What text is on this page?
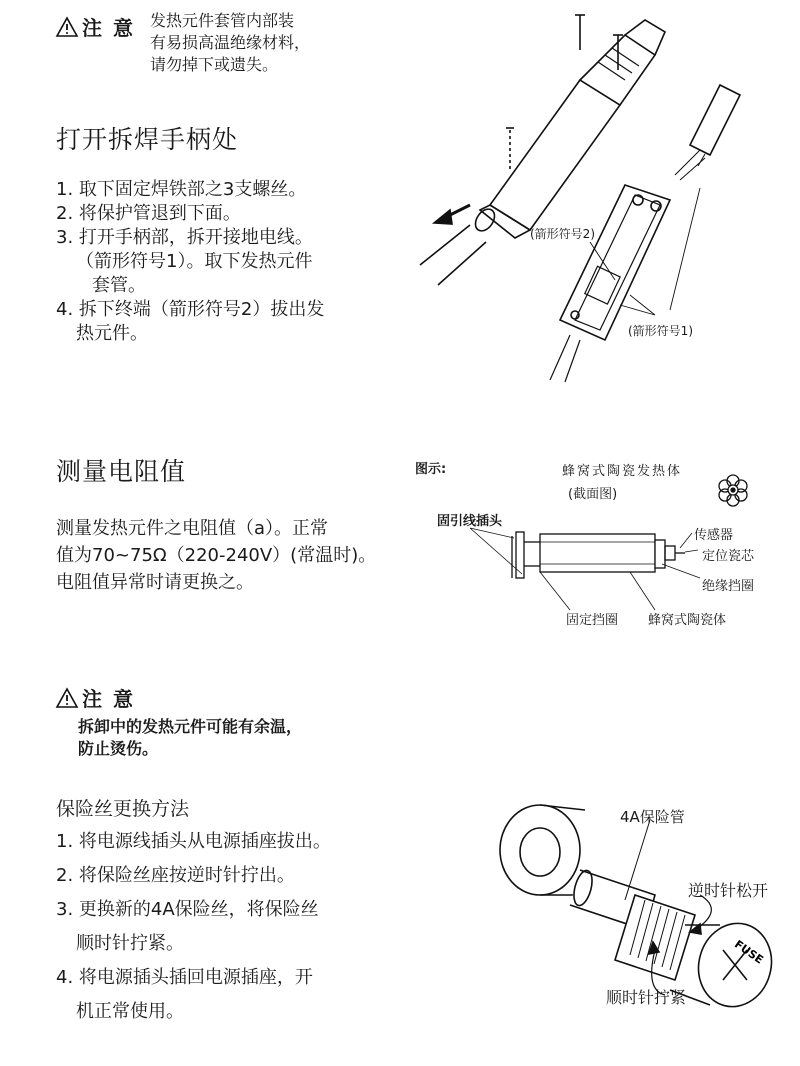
注 意 发热元件套管内部装
有易损高温绝缘材料，
请勿掉下或遗失。
打开拆焊手柄处
1. 取下固定焊铁部之3支螺丝。
2. 将保护管退到下面。
3. 打开手柄部，拆开接地电线。
（箭形符号1）。取下发热元件
套管。
4. 拆下终端（箭形符号2）拔出发
热元件。
(箭形符号2)
(箭形符号1)
测量电阻值
测量发热元件之电阻值（a）。正常
值为70~75Ω（220-240V）(常温时)。
电阻值异常时请更换之。
图示:	蜂窝式陶瓷发热体
(截面图)
固引线插头
传感器
定位瓷芯
绝缘挡圈
固定挡圈 蜂窝式陶瓷体
注 意
拆卸中的发热元件可能有余温，
防止烫伤。
保险丝更换方法
1. 将电源线插头从电源插座拔出。
2. 将保险丝座按逆时针拧出。
3. 更换新的4A保险丝，将保险丝
顺时针拧紧。
4. 将电源插头插回电源插座，开
机正常使用。
FUSE
4A保险管
逆时针松开
顺时针拧紧
